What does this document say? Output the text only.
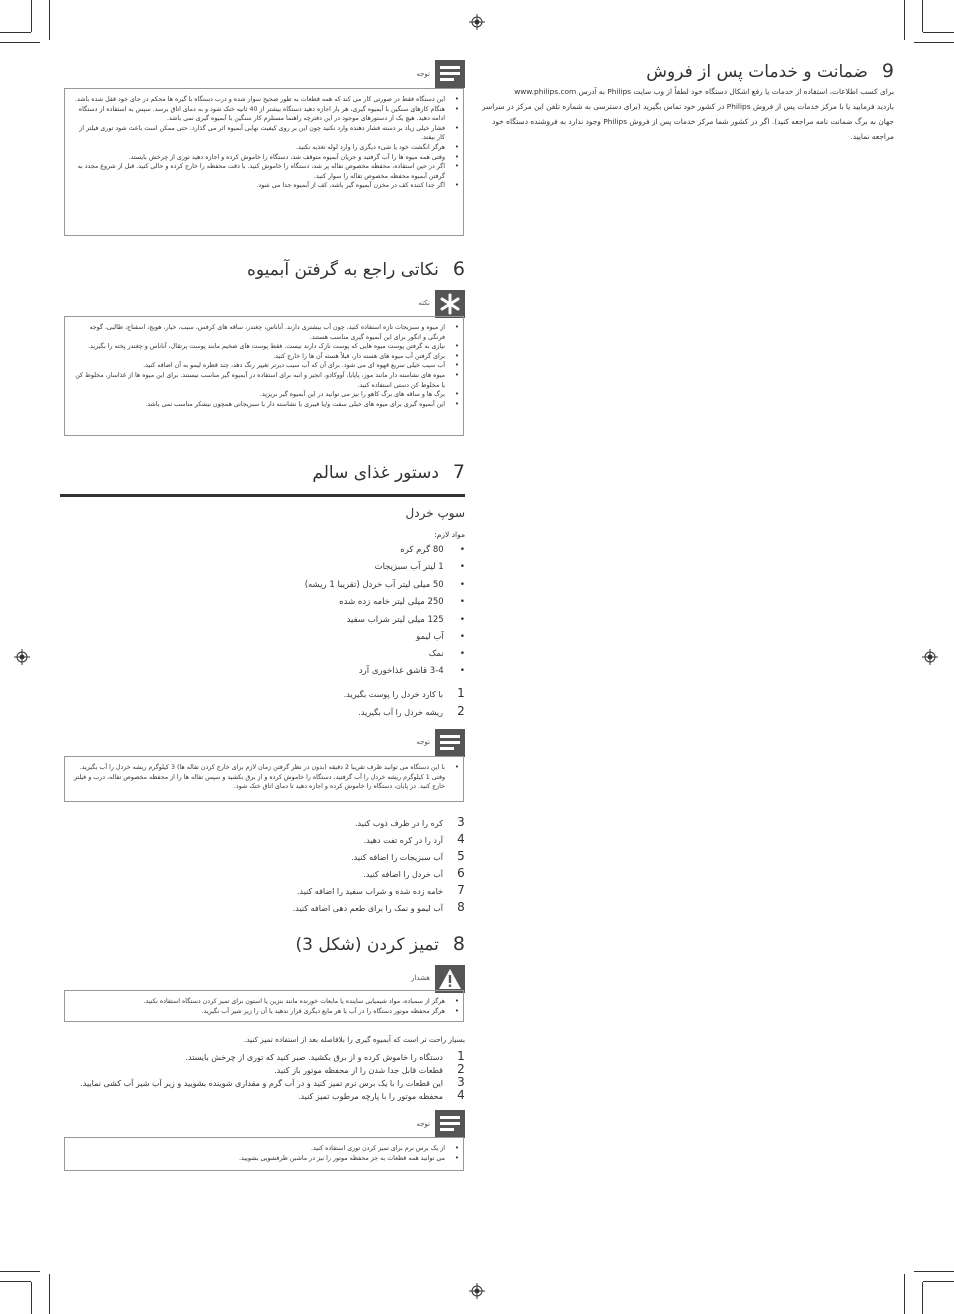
9ضمانت و خدمات پس از فروش
برای کسب اطلاعات، استفاده از خدمات یا رفع اشکال دستگاه خود لطفاً از وب سایت Philips به آدرس www.philips.com
بازدید فرمایید یا با مرکز خدمات پس از فروش Philips در کشور خود تماس بگیرید (برای دسترسی به شماره تلفن این مرکز در سراسر
جهان به برگ ضمانت نامه مراجعه کنید). اگر در کشور شما مرکز خدمات پس از فروش Philips وجود ندارد به فروشنده دستگاه خود
مراجعه نمایید.
توجه
• این دستگاه فقط در صورتی کار می کند که همه قطعات به طور صحیح سوار شده و درب دستگاه با گیره ها محکم در جای خود قفل شده باشد.
• هنگام کارهای سنگین با آبمیوه گیری، هر بار اجازه دهید دستگاه بیشتر از 40 ثانیه خنک شود و به دمای اتاق برسد. سپس به استفاده از دستگاه ادامه دهید. هیچ یک از دستورهای موجود در این دفترچه راهنما مستلزم کار سنگین با آبمیوه گیری نمی باشد.
• فشار خیلی زیاد بر دسته فشار دهنده وارد نکنید چون این بر روی کیفیت نهایی آبمیوه اثر می گذارد. حتی ممکن است باعث شود توری فیلتر از کار بیفتد.
• هرگز انگشت خود یا شیء دیگری را وارد لوله تغذیه نکنید.
• وقتی همه میوه ها را آب گرفتید و جریان آبمیوه متوقف شد، دستگاه را خاموش کرده و اجازه دهید توری از چرخش بایستد.
• اگر در حین استفاده، محفظه مخصوص تفاله پر شد، دستگاه را خاموش کنید. با دقت محفظه را خارج کرده و خالی کنید. قبل از شروع مجدد به گرفتن آبمیوه محفظه مخصوص تفاله را سوار کنید.
• اگر جدا کننده کف در مخزن آبمیوه گیر باشد، کف از آبمیوه جدا می شود.
6نکاتی راجع به گرفتن آبمیوه
نکته
• از میوه و سبزیجات تازه استفاده کنید، چون آب بیشتری دارند. آناناس، چغندر، ساقه های کرفس، سیب، خیار، هویج، اسفناج، طالبی، گوجه فرنگی و انگور برای این آبمیوه گیری مناسب هستند.
• نیازی به گرفتن پوست میوه هایی که پوست نازک دارند نیست. فقط پوست های ضخیم مانند پوست پرتقال، آناناس و چغندر پخته را بگیرید.
• برای گرفتن آب میوه های هسته دار، قبلاً هسته آن ها را خارج کنید.
• آب سیب خیلی سریع قهوه ای می شود. برای آن که آب سیب دیرتر تغییر رنگ دهد، چند قطره لیمو به آن اضافه کنید.
• میوه های نشاسته دار مانند موز، پاپایا، آووکادو، انجیر و انبه برای استفاده در آبمیوه گیر مناسب نیستند. برای این میوه ها از غذاساز، مخلوط کن یا مخلوط کن دستی استفاده کنید.
• برگ ها و ساقه های برگ کاهو را نیز می توانید در این آبمیوه گیر بریزید.
• این آبمیوه گیری برای میوه های خیلی سفت و/یا فیبری یا نشاسته دار یا سبزیجاتی همچون نیشکر مناسب نمی باشد.
7دستور غذای سالم
سوپ خردل
مواد لازم:
•80 گرم کره
•1 لیتر آب سبزیجات
•50 میلی لیتر آب خردل (تقریبا 1 ریشه)
•250 میلی لیتر خامه زده شده
•125 میلی لیتر شراب سفید
•آب لیمو
•نمک
•3-4 قاشق غذاخوری آرد
1با کارد خردل را پوست بگیرید.
2ریشه خردل را آب بگیرید.
توجه
• با این دستگاه می توانید ظرف تقریبا 2 دقیقه (بدون در نظر گرفتن زمان لازم برای خارج کردن تفاله ها) 3 کیلوگرم ریشه خردل را آب بگیرید. وقتی 1 کیلوگرم ریشه خردل را آب گرفتید، دستگاه را خاموش کرده و از برق بکشید و سپس تفاله ها را از محفظه مخصوص تفاله، درب و فیلتر خارج کنید. در پایان، دستگاه را خاموش کرده و اجازه دهید تا دمای اتاق خنک شود.
3کره را در ظرف ذوب کنید.
4آرد را در کره تفت دهید.
5آب سبزیجات را اضافه کنید.
6آب خردل را اضافه کنید.
7خامه زده شده و شراب سفید را اضافه کنید.
8آب لیمو و نمک را برای طعم دهی اضافه کنید.
8تمیز کردن (شکل 3)
هشدار
• هرگز از سمباده، مواد شیمیایی ساینده یا مایعات خورنده مانند بنزین یا استون برای تمیز کردن دستگاه استفاده نکنید.
• هرگز محفظه موتور دستگاه را در آب یا هر مایع دیگری قرار ندهید یا آن را زیر شیر آب نگیرید.
بسیار راحت تر است که آبمیوه گیری را بلافاصله بعد از استفاده تمیز کنید.
1دستگاه را خاموش کرده و از برق بکشید. صبر کنید که توری از چرخش بایستد.
2قطعات قابل جدا شدن را از محفظه موتور باز کنید.
3این قطعات را با یک برس نرم تمیز کنید و در آب گرم و مقداری شوینده بشویید و زیر آب شیر آب کشی نمایید.
4محفظه موتور را با پارچه مرطوب تمیز کنید.
توجه
• از یک برس نرم برای تمیز کردن توری استفاده کنید.
• می توانید همه قطعات به جز محفظه موتور را نیز در ماشین ظرفشویی بشویید.
